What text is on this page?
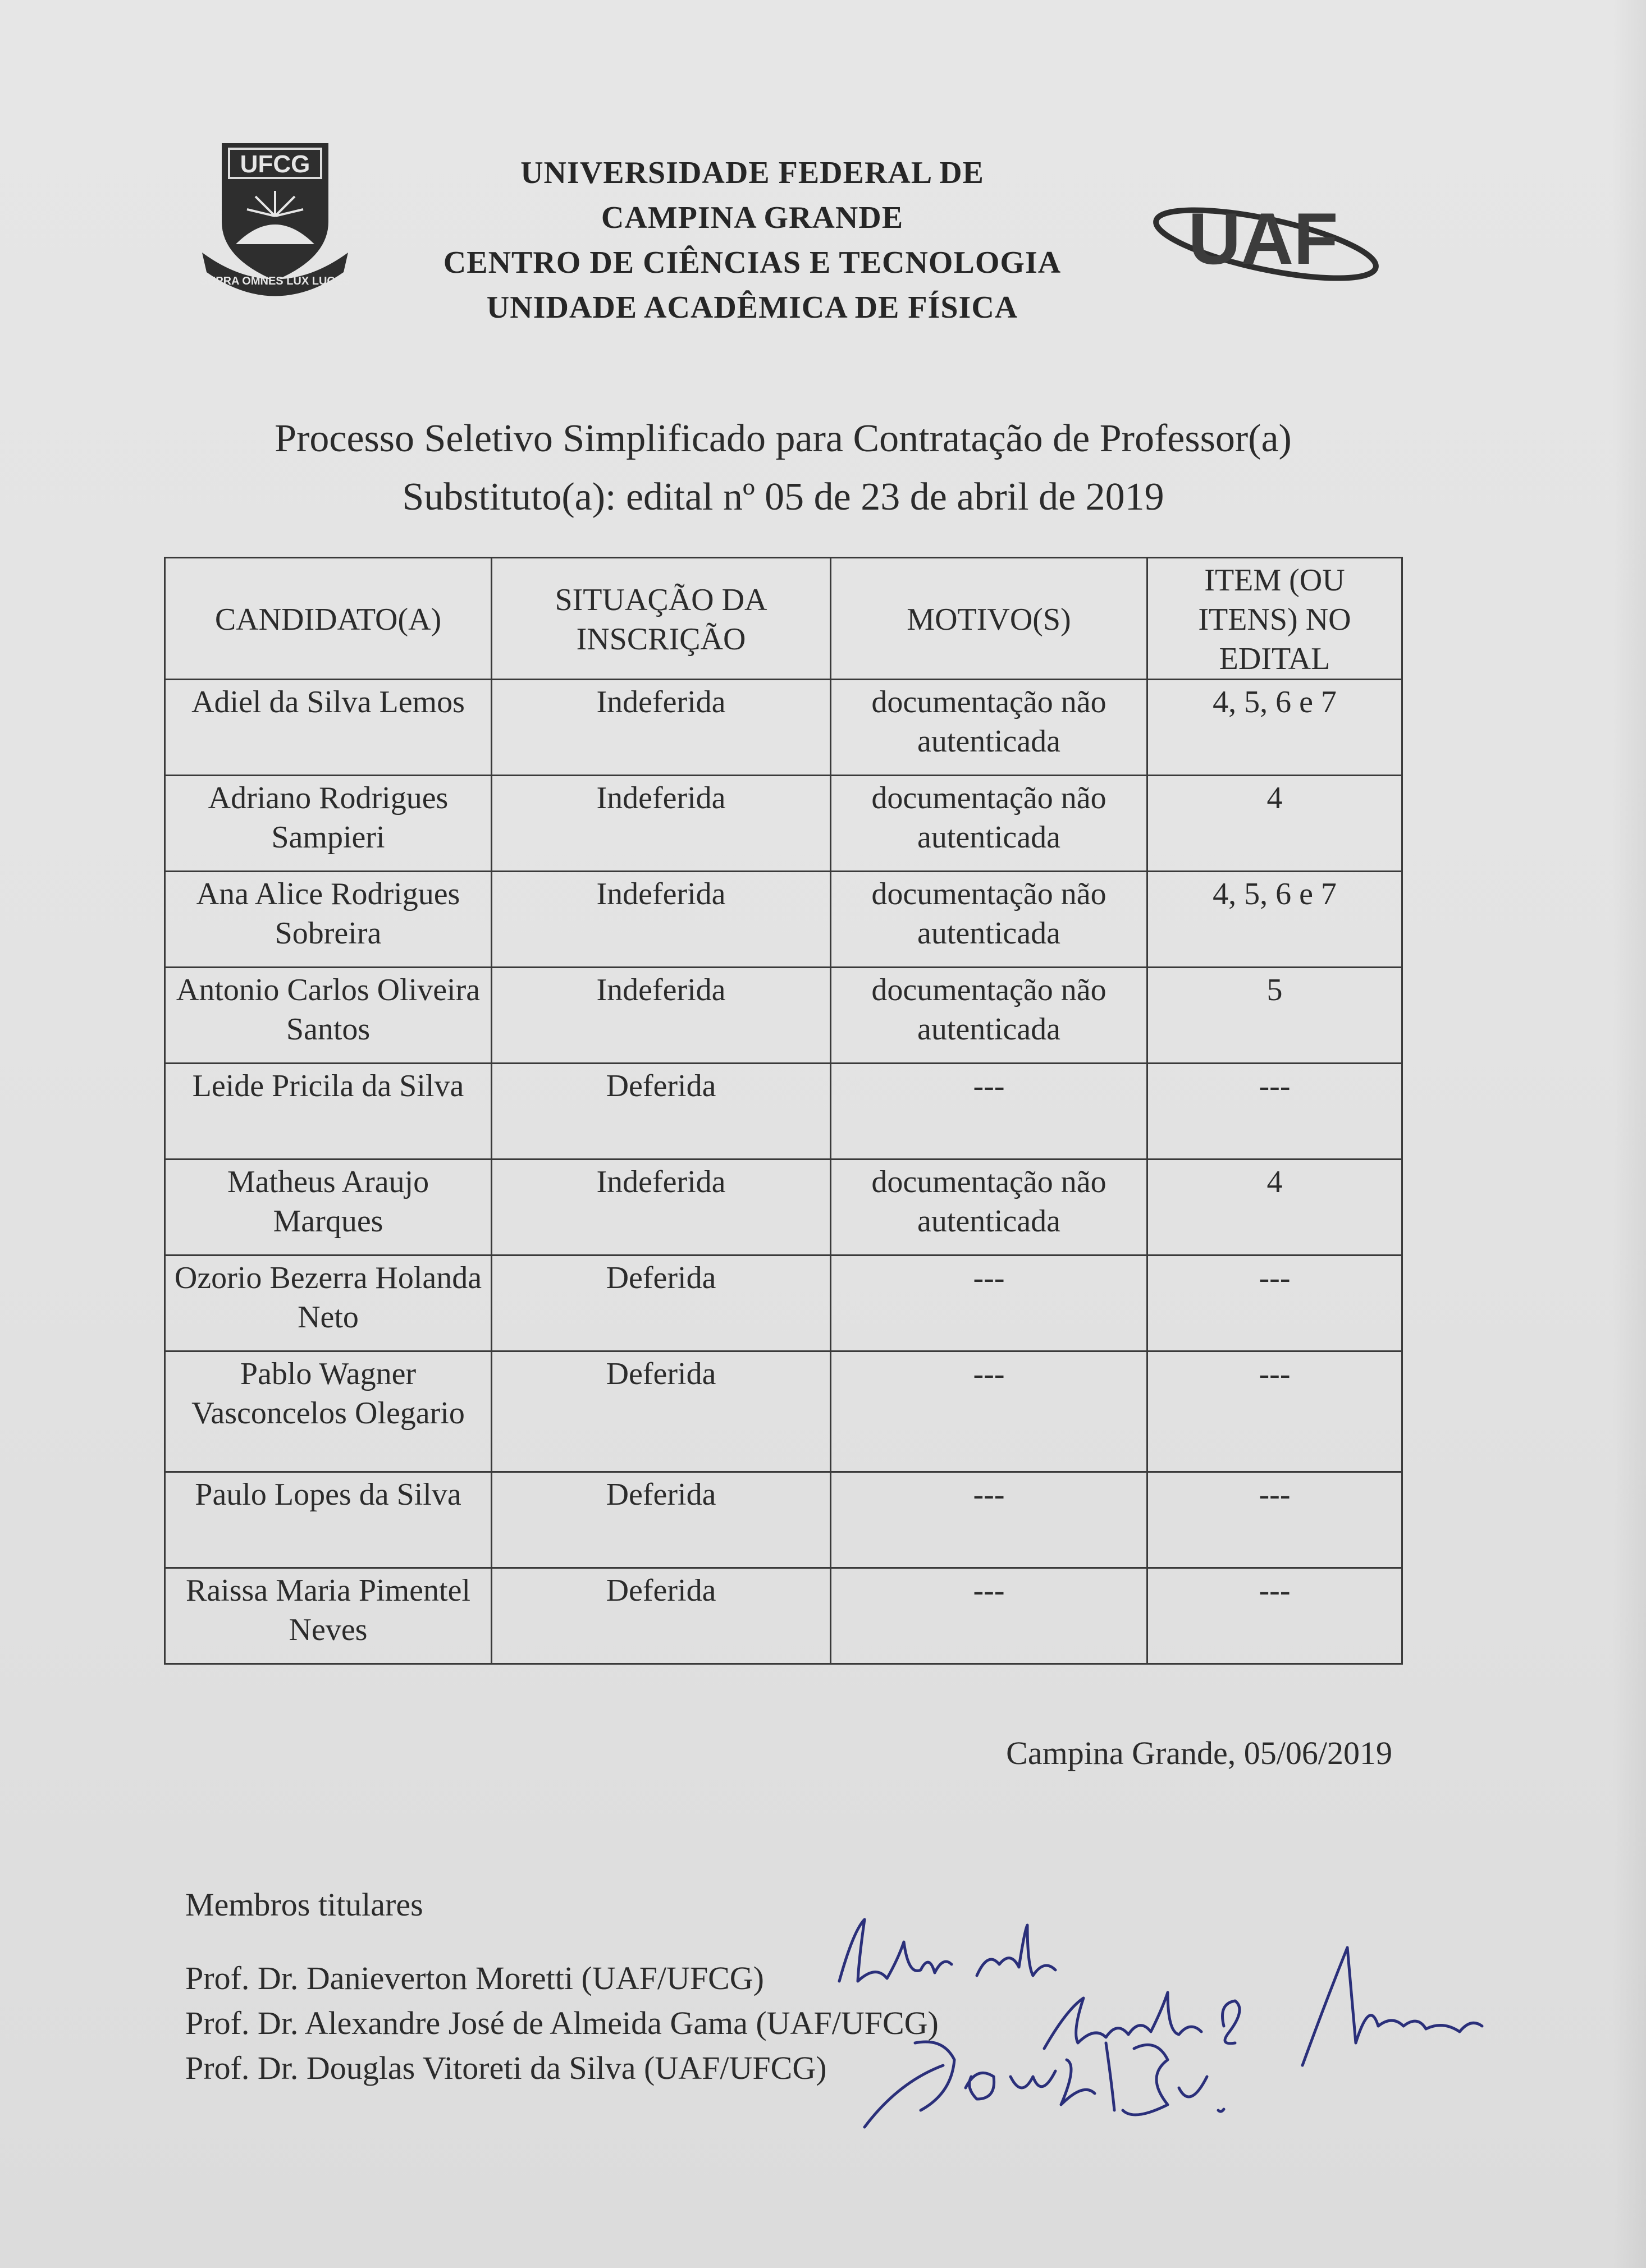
UFCG
SUPRA OMNES LUX LUCES
UNIVERSIDADE FEDERAL DE
CAMPINA GRANDE
CENTRO DE CIÊNCIAS E TECNOLOGIA
UNIDADE ACADÊMICA DE FÍSICA
UAF
Processo Seletivo Simplificado para Contratação de Professor(a)
Substituto(a): edital nº 05 de 23 de abril de 2019
CANDIDATO(A)	SITUAÇÃO DA INSCRIÇÃO	MOTIVO(S)	ITEM (OU ITENS) NO EDITAL
Adiel da Silva Lemos	Indeferida	documentação não autenticada	4, 5, 6 e 7
Adriano Rodrigues Sampieri	Indeferida	documentação não autenticada	4
Ana Alice Rodrigues Sobreira	Indeferida	documentação não autenticada	4, 5, 6 e 7
Antonio Carlos Oliveira Santos	Indeferida	documentação não autenticada	5
Leide Pricila da Silva	Deferida	---	---
Matheus Araujo Marques	Indeferida	documentação não autenticada	4
Ozorio Bezerra Holanda Neto	Deferida	---	---
Pablo Wagner Vasconcelos Olegario	Deferida	---	---
Paulo Lopes da Silva	Deferida	---	---
Raissa Maria Pimentel Neves	Deferida	---	---
Campina Grande, 05/06/2019
Membros titulares
Prof. Dr. Danieverton Moretti (UAF/UFCG)
Prof. Dr. Alexandre José de Almeida Gama (UAF/UFCG)
Prof. Dr. Douglas Vitoreti da Silva (UAF/UFCG)
